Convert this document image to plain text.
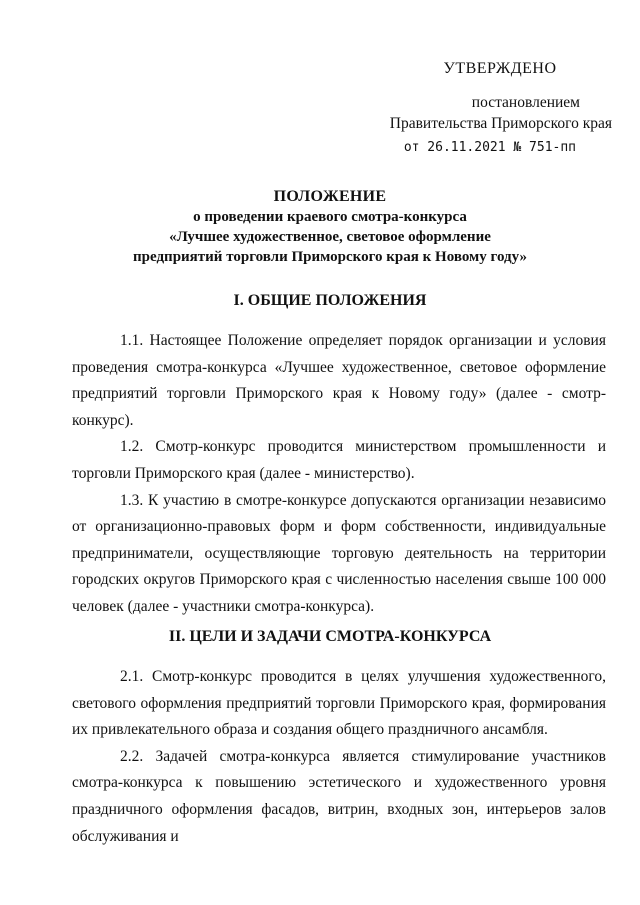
УТВЕРЖДЕНО
постановлением
Правительства Приморского края
от 26.11.2021 № 751-пп
ПОЛОЖЕНИЕ
о проведении краевого смотра-конкурса
«Лучшее художественное, световое оформление
предприятий торговли Приморского края к Новому году»
I. ОБЩИЕ ПОЛОЖЕНИЯ

1.1. Настоящее Положение определяет порядок организации и условия проведения смотра-конкурса «Лучшее художественное, световое оформление предприятий торговли Приморского края к Новому году» (далее - смотр-конкурс).

1.2. Смотр-конкурс проводится министерством промышленности и торговли Приморского края (далее - министерство).

1.3. К участию в смотре-конкурсе допускаются организации независимо от организационно-правовых форм и форм собственности, индивидуальные предприниматели, осуществляющие торговую деятельность на территории городских округов Приморского края с численностью населения свыше 100 000 человек (далее - участники смотра-конкурса).

II. ЦЕЛИ И ЗАДАЧИ СМОТРА-КОНКУРСА

2.1. Смотр-конкурс проводится в целях улучшения художественного, светового оформления предприятий торговли Приморского края, формирования их привлекательного образа и создания общего праздничного ансамбля.

2.2. Задачей смотра-конкурса является стимулирование участников смотра-конкурса к повышению эстетического и художественного уровня праздничного оформления фасадов, витрин, входных зон, интерьеров залов обслуживания и
